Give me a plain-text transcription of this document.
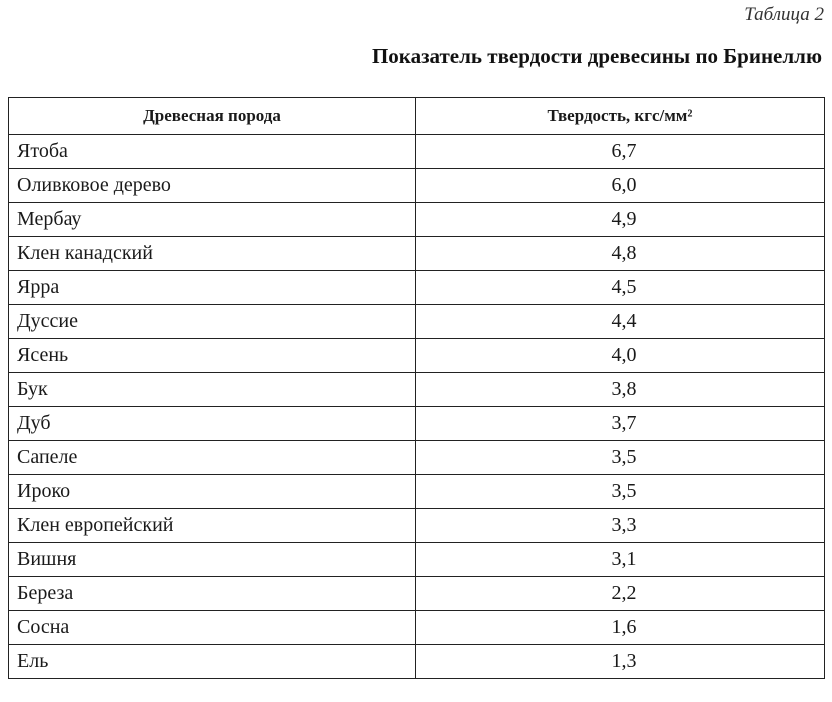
Таблица 2
Показатель твердости древесины по Бринеллю
Древесная порода	Твердость, кгс/мм²
Ятоба	6,7
Оливковое дерево	6,0
Мербау	4,9
Клен канадский	4,8
Ярра	4,5
Дуссие	4,4
Ясень	4,0
Бук	3,8
Дуб	3,7
Сапеле	3,5
Ироко	3,5
Клен европейский	3,3
Вишня	3,1
Береза	2,2
Сосна	1,6
Ель	1,3
